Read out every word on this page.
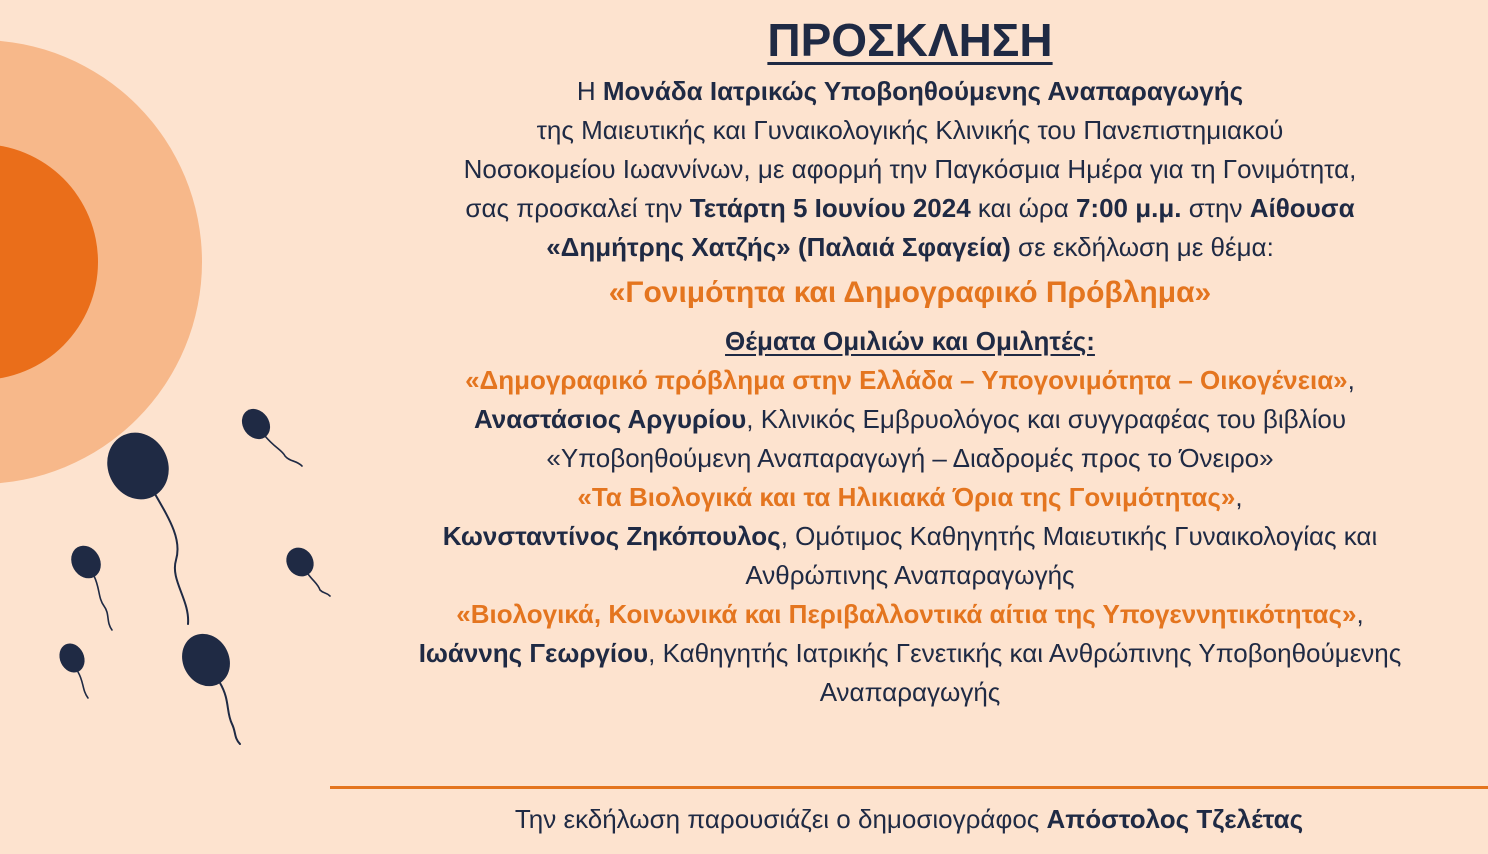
ΠΡΟΣΚΛΗΣΗ

Η Μονάδα Ιατρικώς Υποβοηθούμενης Αναπαραγωγής

της Μαιευτικής και Γυναικολογικής Κλινικής του Πανεπιστημιακού

Νοσοκομείου Ιωαννίνων, με αφορμή την Παγκόσμια Ημέρα για τη Γονιμότητα,

σας προσκαλεί την Τετάρτη 5 Ιουνίου 2024 και ώρα 7:00 μ.μ. στην Αίθουσα

«Δημήτρης Χατζής» (Παλαιά Σφαγεία) σε εκδήλωση με θέμα:

«Γονιμότητα και Δημογραφικό Πρόβλημα»

Θέματα Ομιλιών και Ομιλητές:

«Δημογραφικό πρόβλημα στην Ελλάδα – Υπογονιμότητα – Οικογένεια»,

Αναστάσιος Αργυρίου, Κλινικός Εμβρυολόγος και συγγραφέας του βιβλίου

«Υποβοηθούμενη Αναπαραγωγή – Διαδρομές προς το Όνειρο»

«Τα Βιολογικά και τα Ηλικιακά Όρια της Γονιμότητας»,

Κωνσταντίνος Ζηκόπουλος, Ομότιμος Καθηγητής Μαιευτικής Γυναικολογίας και

Ανθρώπινης Αναπαραγωγής

«Βιολογικά, Κοινωνικά και Περιβαλλοντικά αίτια της Υπογεννητικότητας»,

Ιωάννης Γεωργίου, Καθηγητής Ιατρικής Γενετικής και Ανθρώπινης Υποβοηθούμενης

Αναπαραγωγής

Την εκδήλωση παρουσιάζει ο δημοσιογράφος Απόστολος Τζελέτας
